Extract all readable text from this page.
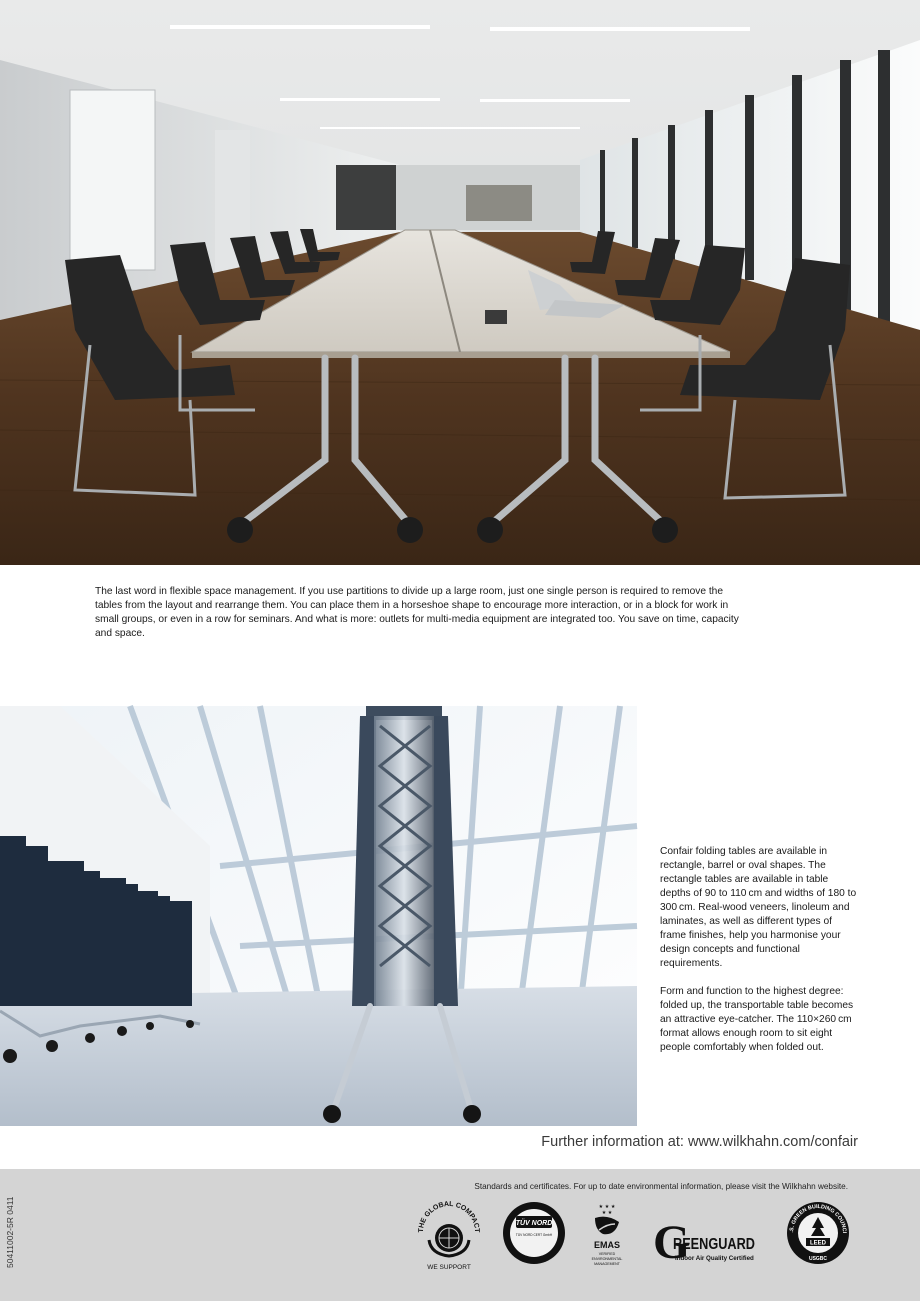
The last word in flexible space management. If you use partitions to divide up a large room, just one single person is required to remove the tables from the layout and rearrange them. You can place them in a horseshoe shape to encourage more interaction, or in a block for work in small groups, or even in a row for seminars. And what is more: outlets for multi-media equipment are integrated too. You save on time, capacity and space.

Confair folding tables are available in rectangle, barrel or oval shapes. The rectangle tables are available in table depths of 90 to 110 cm and widths of 180 to 300 cm. Real-wood veneers, linoleum and laminates, as well as different types of frame finishes, help you harmonise your design concepts and functional requirements.

Form and function to the highest degree: folded up, the transportable table becomes an attractive eye-catcher. The 110×260 cm format allows enough room to sit eight people comfortably when folded out.

Further information at: www.wilkhahn.com/confair

50411002-5R 0411

Standards and certificates. For up to date environmental information, please visit the Wilkhahn website.

THE GLOBAL COMPACT
WE SUPPORT
TÜV NORD
TÜV NORD CERT GmbH
★ ★ ★
★ ★
EMAS
VERIFIED
ENVIRONMENTAL
MANAGEMENT G
REENGUARD
Indoor Air Quality Certified
.S. GREEN BUILDING COUNCI
LEED
USGBC
